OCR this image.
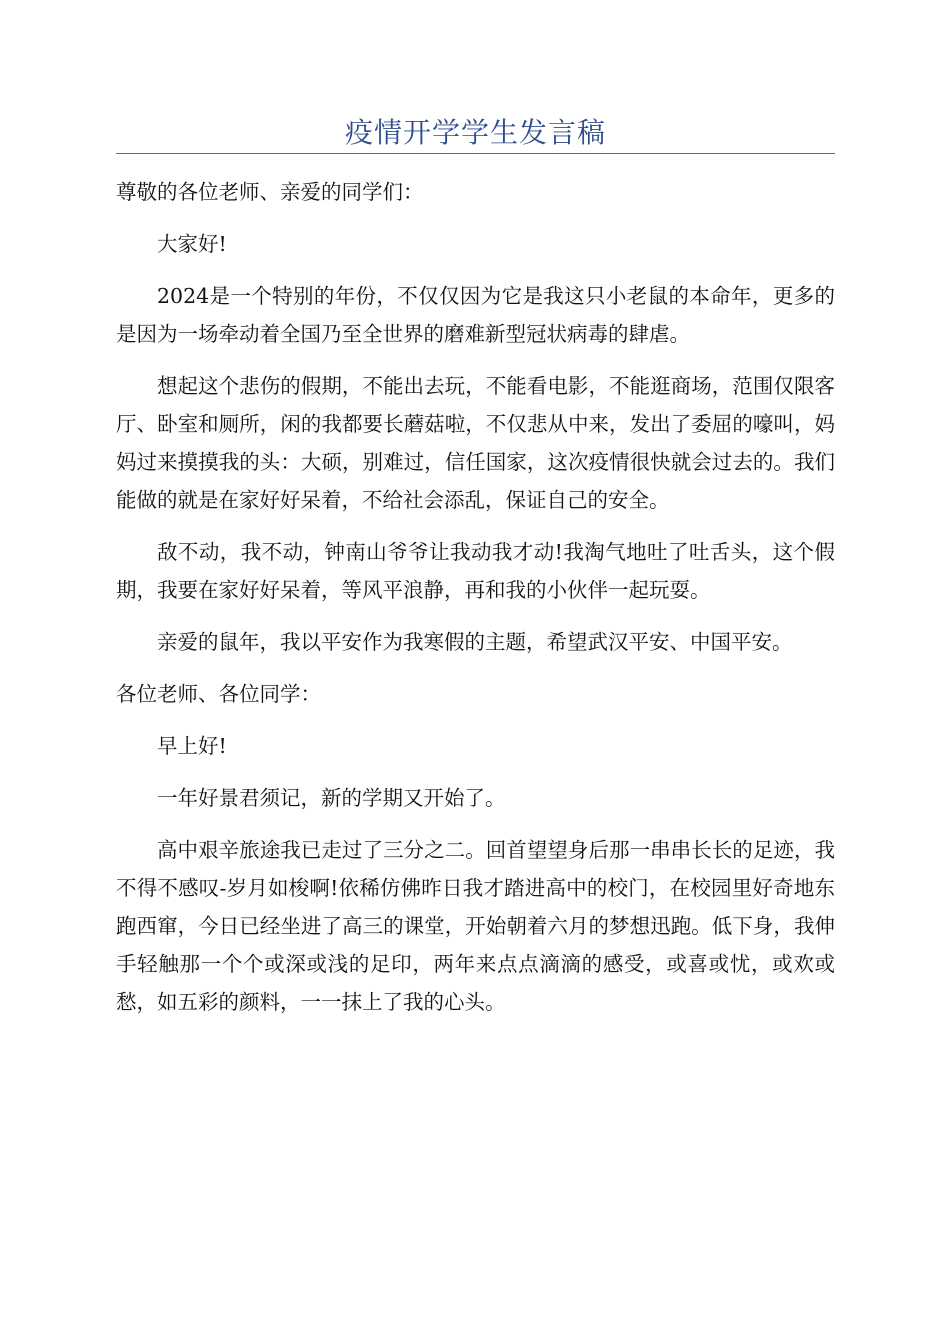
疫情开学学生发言稿

尊敬的各位老师、亲爱的同学们：

大家好!

2024是一个特别的年份，不仅仅因为它是我这只小老鼠的本命年，更多的是因为一场牵动着全国乃至全世界的磨难新型冠状病毒的肆虐。

想起这个悲伤的假期，不能出去玩，不能看电影，不能逛商场，范围仅限客厅、卧室和厕所，闲的我都要长蘑菇啦，不仅悲从中来，发出了委屈的嚎叫，妈妈过来摸摸我的头：大硕，别难过，信任国家，这次疫情很快就会过去的。我们能做的就是在家好好呆着，不给社会添乱，保证自己的安全。

敌不动，我不动，钟南山爷爷让我动我才动!我淘气地吐了吐舌头，这个假期，我要在家好好呆着，等风平浪静，再和我的小伙伴一起玩耍。

亲爱的鼠年，我以平安作为我寒假的主题，希望武汉平安、中国平安。

各位老师、各位同学：

早上好!

一年好景君须记，新的学期又开始了。

高中艰辛旅途我已走过了三分之二。回首望望身后那一串串长长的足迹，我不得不感叹-岁月如梭啊!依稀仿佛昨日我才踏进高中的校门，在校园里好奇地东跑西窜，今日已经坐进了高三的课堂，开始朝着六月的梦想迅跑。低下身，我伸手轻触那一个个或深或浅的足印，两年来点点滴滴的感受，或喜或忧，或欢或愁，如五彩的颜料，一一抹上了我的心头。
